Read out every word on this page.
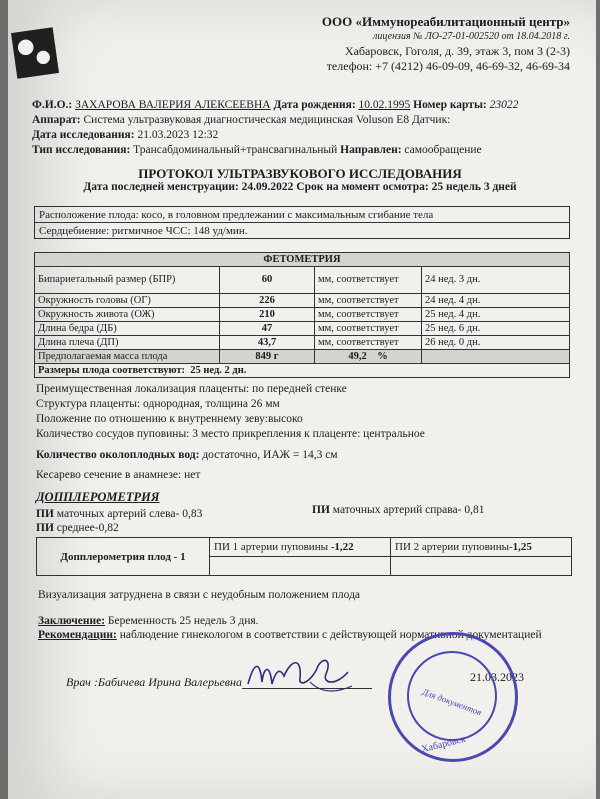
ООО «Иммунореабилитационный центр»
лицензия № ЛО-27-01-002520 от 18.04.2018 г.
Хабаровск, Гоголя, д. 39, этаж 3, пом 3 (2-3)
телефон: +7 (4212) 46-09-09, 46-69-32, 46-69-34
Ф.И.О.: ЗАХАРОВА ВАЛЕРИЯ АЛЕКСЕЕВНА Дата рождения: 10.02.1995 Номер карты: 23022
Аппарат: Система ультразвуковая диагностическая медицинская Voluson E8 Датчик:
Дата исследования: 21.03.2023 12:32
Тип исследования: Трансабдоминальный+трансвагинальный Направлен: самообращение
ПРОТОКОЛ УЛЬТРАЗВУКОВОГО ИССЛЕДОВАНИЯ
Дата последней менструации: 24.09.2022 Срок на момент осмотра: 25 недель 3 дней
Расположение плода: косо, в головном предлежании с максимальным сгибание тела
Сердцебиение: ритмичное ЧСС: 148 уд/мин.
ФЕТОМЕТРИЯ			
Бипариетальный размер (БПР)	60	мм, соответствует	24 нед. 3 дн.
Окружность головы (ОГ)	226	мм, соответствует	24 нед. 4 дн.
Окружность живота (ОЖ)	210	мм, соответствует	25 нед. 4 дн.
Длина бедра (ДБ)	47	мм, соответствует	25 нед. 6 дн.
Длина плеча (ДП)	43,7	мм, соответствует	26 нед. 0 дн.
Предполагаемая масса плода	849 г	49,2 %	
Размеры плода соответствуют: 25 нед. 2 дн.			
Преимущественная локализация плаценты: по передней стенке
Структура плаценты: однородная, толщина 26 мм
Положение по отношению к внутреннему зеву:высоко
Количество сосудов пуповины: 3 место прикрепления к плаценте: центральное
Количество околоплодных вод: достаточно, ИАЖ = 14,3 см
Кесарево сечение в анамнезе: нет
ДОППЛЕРОМЕТРИЯ
ПИ маточных артерий слева- 0,83	ПИ маточных артерий справа- 0,81
ПИ среднее-0,82
Допплерометрия плод - 1	ПИ 1 артерии пуповины -1,22	ПИ 2 артерии пуповины-1,25

Визуализация затруднена в связи с неудобным положением плода
Заключение: Беременность 25 недель 3 дня.
Рекомендации: наблюдение гинекологом в соответствии с действующей нормативной документацией
Врач :Бабичева Ирина Валерьевна	21.03.2023
Для документов
Хабаровск
